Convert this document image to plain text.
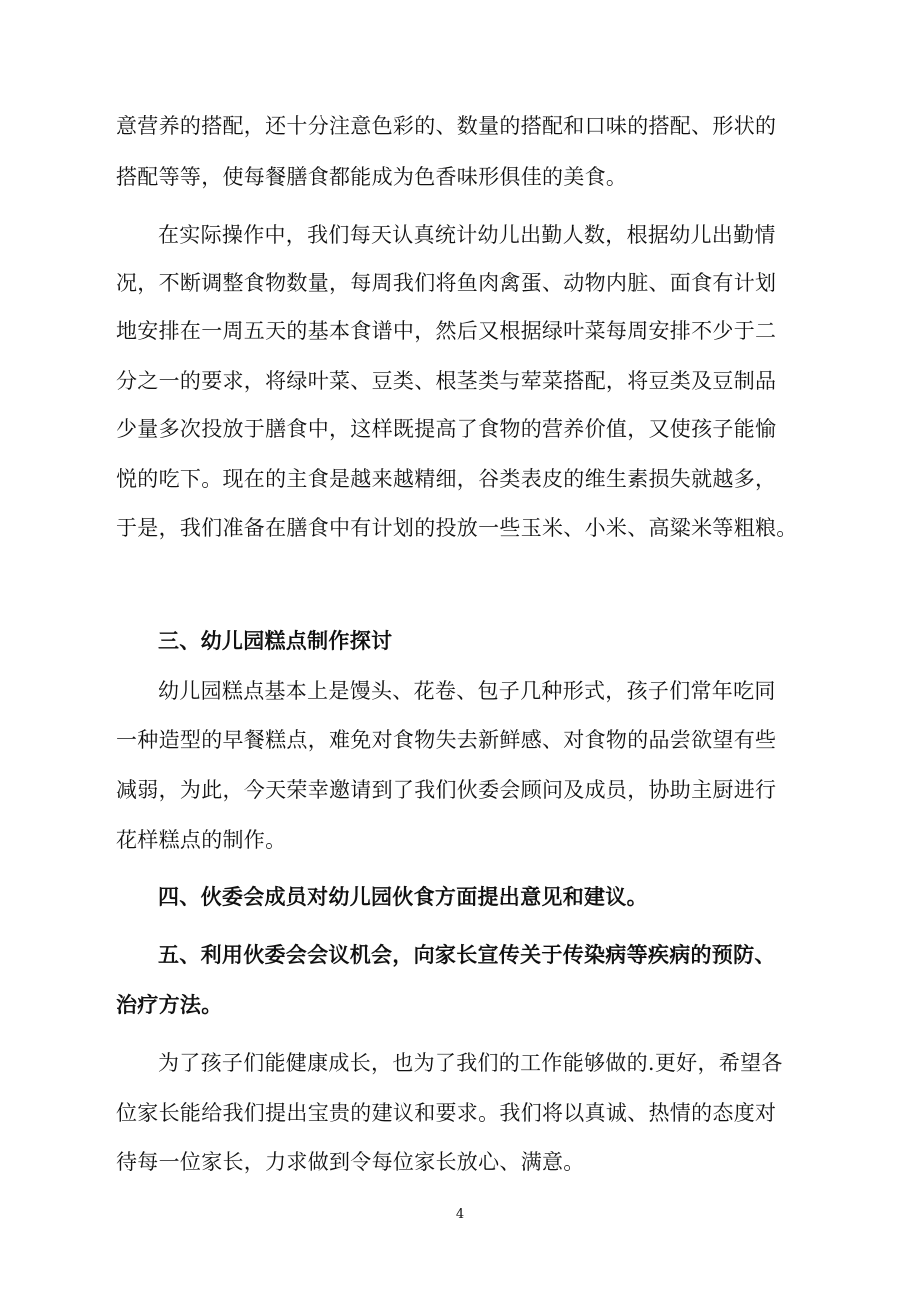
意营养的搭配，还十分注意色彩的、数量的搭配和口味的搭配、形状的
搭配等等，使每餐膳食都能成为色香味形俱佳的美食。
在实际操作中，我们每天认真统计幼儿出勤人数，根据幼儿出勤情
况，不断调整食物数量，每周我们将鱼肉禽蛋、动物内脏、面食有计划
地安排在一周五天的基本食谱中，然后又根据绿叶菜每周安排不少于二
分之一的要求，将绿叶菜、豆类、根茎类与荤菜搭配，将豆类及豆制品
少量多次投放于膳食中，这样既提高了食物的营养价值，又使孩子能愉
悦的吃下。现在的主食是越来越精细，谷类表皮的维生素损失就越多，
于是，我们准备在膳食中有计划的投放一些玉米、小米、高粱米等粗粮。
三、幼儿园糕点制作探讨
幼儿园糕点基本上是馒头、花卷、包子几种形式，孩子们常年吃同
一种造型的早餐糕点，难免对食物失去新鲜感、对食物的品尝欲望有些
减弱，为此，今天荣幸邀请到了我们伙委会顾问及成员，协助主厨进行
花样糕点的制作。
四、伙委会成员对幼儿园伙食方面提出意见和建议。
五、利用伙委会会议机会，向家长宣传关于传染病等疾病的预防、
治疗方法。
为了孩子们能健康成长，也为了我们的工作能够做的.更好，希望各
位家长能给我们提出宝贵的建议和要求。我们将以真诚、热情的态度对
待每一位家长，力求做到令每位家长放心、满意。
4
